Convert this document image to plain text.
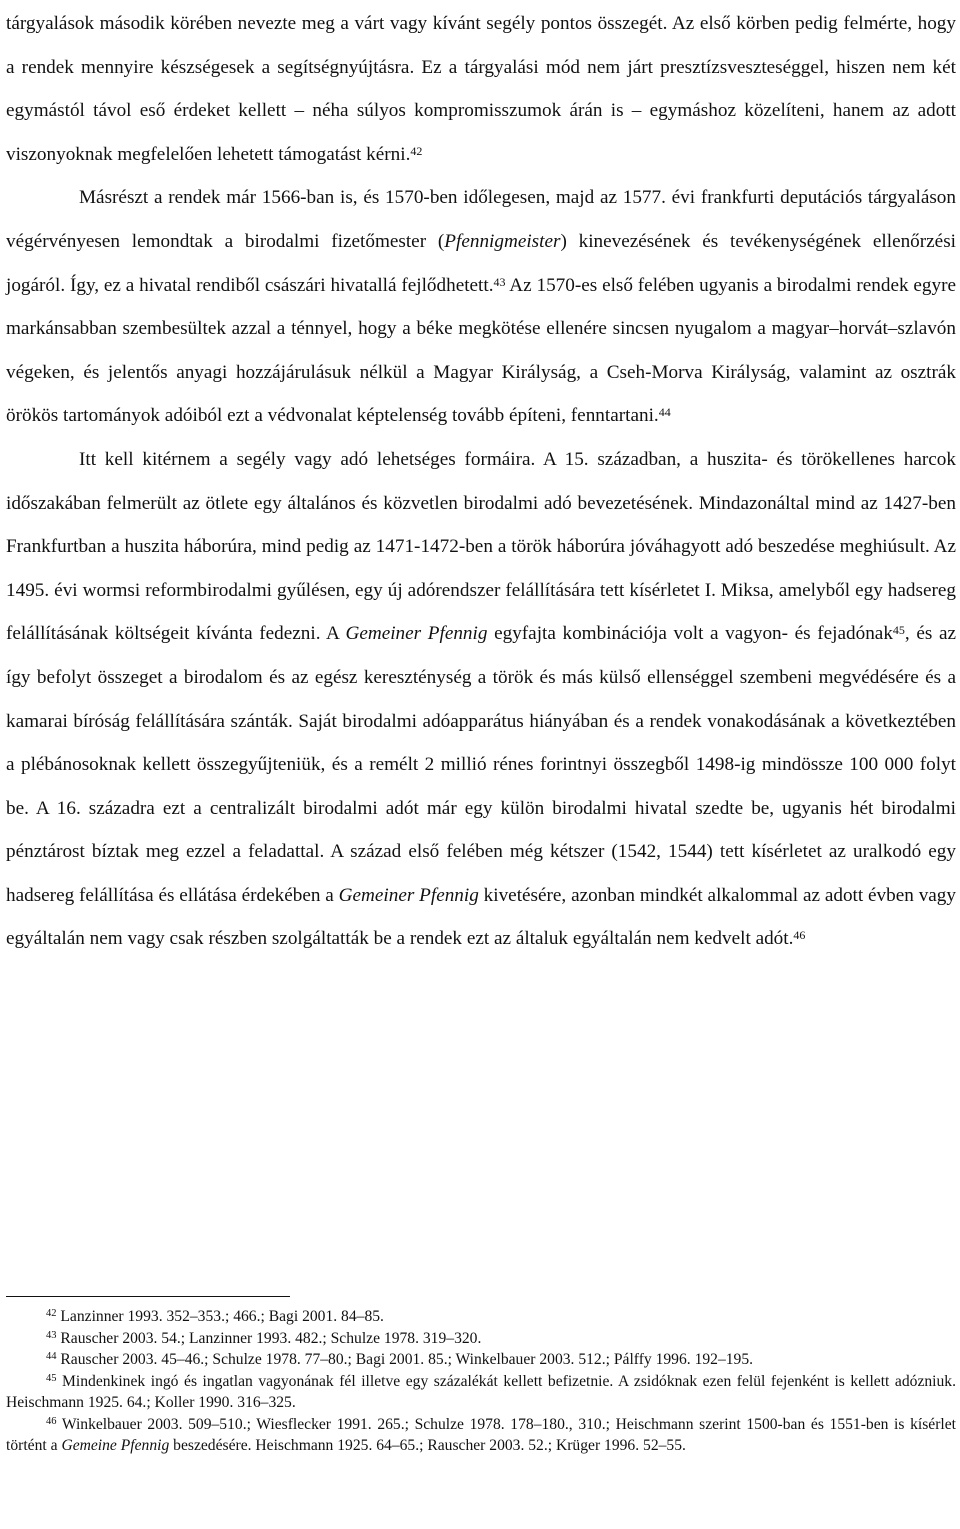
tárgyalások második körében nevezte meg a várt vagy kívánt segély pontos összegét. Az első körben pedig felmérte, hogy a rendek mennyire készségesek a segítségnyújtásra. Ez a tárgyalási mód nem járt presztízsveszteséggel, hiszen nem két egymástól távol eső érdeket kellett – néha súlyos kompromisszumok árán is – egymáshoz közelíteni, hanem az adott viszonyoknak megfelelően lehetett támogatást kérni.$^{42}$

Másrészt a rendek már 1566-ban is, és 1570-ben időlegesen, majd az 1577. évi frankfurti deputációs tárgyaláson végérvényesen lemondtak a birodalmi fizetőmester (Pfennigmeister) kinevezésének és tevékenységének ellenőrzési jogáról. Így, ez a hivatal rendiből császári hivatallá fejlődhetett.$^{43}$ Az 1570-es első felében ugyanis a birodalmi rendek egyre markánsabban szembesültek azzal a ténnyel, hogy a béke megkötése ellenére sincsen nyugalom a magyar–horvát–szlavón végeken, és jelentős anyagi hozzájárulásuk nélkül a Magyar Királyság, a Cseh-Morva Királyság, valamint az osztrák örökös tartományok adóiból ezt a védvonalat képtelenség tovább építeni, fenntartani.$^{44}$

Itt kell kitérnem a segély vagy adó lehetséges formáira. A 15. században, a huszita- és törökellenes harcok időszakában felmerült az ötlete egy általános és közvetlen birodalmi adó bevezetésének. Mindazonáltal mind az 1427-ben Frankfurtban a huszita háborúra, mind pedig az 1471-1472-ben a török háborúra jóváhagyott adó beszedése meghiúsult. Az 1495. évi wormsi reformbirodalmi gyűlésen, egy új adórendszer felállítására tett kísérletet I. Miksa, amelyből egy hadsereg felállításának költségeit kívánta fedezni. A Gemeiner Pfennig egyfajta kombinációja volt a vagyon- és fejadónak$^{45}$, és az így befolyt összeget a birodalom és az egész kereszténység a török és más külső ellenséggel szembeni megvédésére és a kamarai bíróság felállítására szánták. Saját birodalmi adóapparátus hiányában és a rendek vonakodásának a következtében a plébánosoknak kellett összegyűjteniük, és a remélt 2 millió rénes forintnyi összegből 1498-ig mindössze 100 000 folyt be. A 16. századra ezt a centralizált birodalmi adót már egy külön birodalmi hivatal szedte be, ugyanis hét birodalmi pénztárost bíztak meg ezzel a feladattal. A század első felében még kétszer (1542, 1544) tett kísérletet az uralkodó egy hadsereg felállítása és ellátása érdekében a Gemeiner Pfennig kivetésére, azonban mindkét alkalommal az adott évben vagy egyáltalán nem vagy csak részben szolgáltatták be a rendek ezt az általuk egyáltalán nem kedvelt adót.$^{46}$

$^{42}$ Lanzinner 1993. 352–353.; 466.; Bagi 2001. 84–85.

$^{43}$ Rauscher 2003. 54.; Lanzinner 1993. 482.; Schulze 1978. 319–320.

$^{44}$ Rauscher 2003. 45–46.; Schulze 1978. 77–80.; Bagi 2001. 85.; Winkelbauer 2003. 512.; Pálffy 1996. 192–195.

$^{45}$ Mindenkinek ingó és ingatlan vagyonának fél illetve egy százalékát kellett befizetnie. A zsidóknak ezen felül fejenként is kellett adózniuk. Heischmann 1925. 64.; Koller 1990. 316–325.

$^{46}$ Winkelbauer 2003. 509–510.; Wiesflecker 1991. 265.; Schulze 1978. 178–180., 310.; Heischmann szerint 1500-ban és 1551-ben is kísérlet történt a Gemeine Pfennig beszedésére. Heischmann 1925. 64–65.; Rauscher 2003. 52.; Krüger 1996. 52–55.
